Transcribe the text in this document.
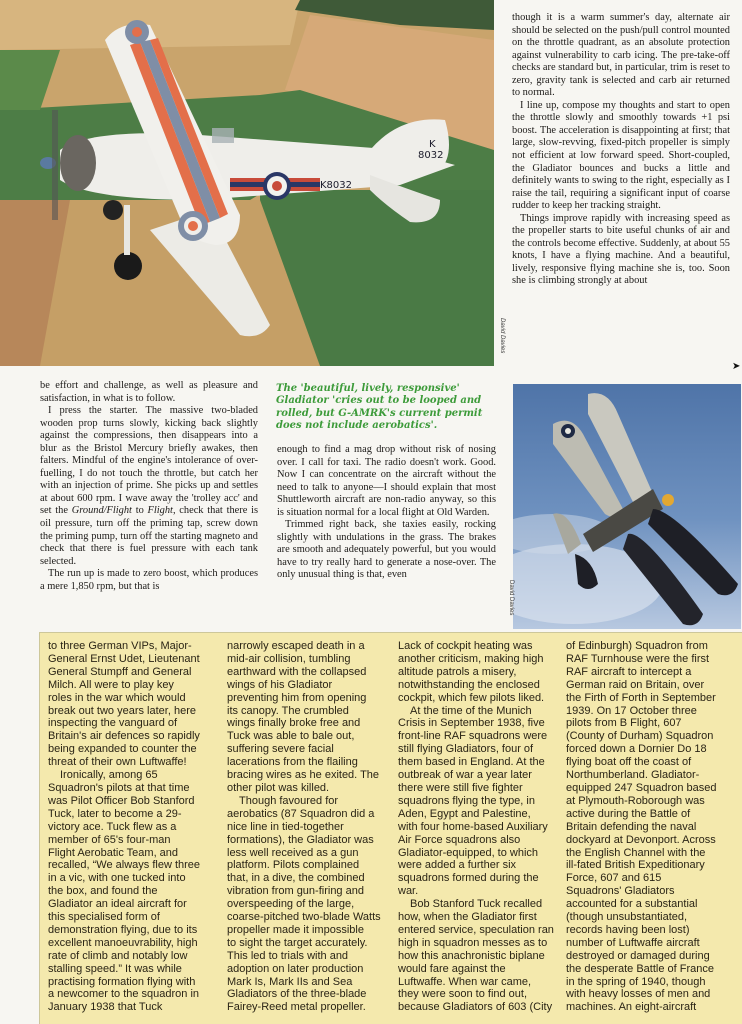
K8032
K
8032
David Davies
David Davies

though it is a warm summer's day, alternate air should be selected on the push/pull control mounted on the throttle quadrant, as an absolute protection against vulnerability to carb icing. The pre-take-off checks are standard but, in particular, trim is reset to zero, gravity tank is selected and carb air returned to normal.

I line up, compose my thoughts and start to open the throttle slowly and smoothly towards +1 psi boost. The acceleration is disappointing at first; that large, slow-revving, fixed-pitch propeller is simply not efficient at low forward speed. Short-coupled, the Gladiator bounces and bucks a little and definitely wants to swing to the right, especially as I raise the tail, requiring a significant input of coarse rudder to keep her tracking straight.

Things improve rapidly with increasing speed as the propeller starts to bite useful chunks of air and the controls become effective. Suddenly, at about 55 knots, I have a flying machine. And a beautiful, lively, responsive flying machine she is, too. Soon she is climbing strongly at about

➤

be effort and challenge, as well as pleasure and satisfaction, in what is to follow.

I press the starter. The massive two-bladed wooden prop turns slowly, kicking back slightly against the compressions, then disappears into a blur as the Bristol Mercury briefly awakes, then falters. Mindful of the engine's intolerance of over-fuelling, I do not touch the throttle, but catch her with an injection of prime. She picks up and settles at about 600 rpm. I wave away the 'trolley acc' and set the Ground/Flight to Flight, check that there is oil pressure, turn off the priming tap, screw down the priming pump, turn off the starting magneto and check that there is fuel pressure with each tank selected.

The run up is made to zero boost, which produces a mere 1,850 rpm, but that is

The 'beautiful, lively, responsive' Gladiator 'cries out to be looped and rolled, but G-AMRK's current permit does not include aerobatics'.

enough to find a mag drop without risk of nosing over. I call for taxi. The radio doesn't work. Good. Now I can concentrate on the aircraft without the need to talk to anyone—I should explain that most Shuttleworth aircraft are non-radio anyway, so this is situation normal for a local flight at Old Warden.

Trimmed right back, she taxies easily, rocking slightly with undulations in the grass. The brakes are smooth and adequately powerful, but you would have to try really hard to generate a nose-over. The only unusual thing is that, even

to three German VIPs, Major-
General Ernst Udet, Lieutenant
General Stumpff and General
Milch. All were to play key
roles in the war which would
break out two years later, here
inspecting the vanguard of
Britain's air defences so rapidly
being expanded to counter the
threat of their own Luftwaffe!
Ironically, among 65
Squadron's pilots at that time
was Pilot Officer Bob Stanford
Tuck, later to become a 29-
victory ace. Tuck flew as a
member of 65's four-man
Flight Aerobatic Team, and
recalled, “We always flew three
in a vic, with one tucked into
the box, and found the
Gladiator an ideal aircraft for
this specialised form of
demonstration flying, due to its
excellent manoeuvrability, high
rate of climb and notably low
stalling speed.” It was while
practising formation flying with
a newcomer to the squadron in
January 1938 that Tuck
narrowly escaped death in a
mid-air collision, tumbling
earthward with the collapsed
wings of his Gladiator
preventing him from opening
its canopy. The crumbled
wings finally broke free and
Tuck was able to bale out,
suffering severe facial
lacerations from the flailing
bracing wires as he exited. The
other pilot was killed.
Though favoured for
aerobatics (87 Squadron did a
nice line in tied-together
formations), the Gladiator was
less well received as a gun
platform. Pilots complained
that, in a dive, the combined
vibration from gun-firing and
overspeeding of the large,
coarse-pitched two-blade Watts
propeller made it impossible
to sight the target accurately.
This led to trials with and
adoption on later production
Mark Is, Mark IIs and Sea
Gladiators of the three-blade
Fairey-Reed metal propeller.
Lack of cockpit heating was
another criticism, making high
altitude patrols a misery,
notwithstanding the enclosed
cockpit, which few pilots liked.
At the time of the Munich
Crisis in September 1938, five
front-line RAF squadrons were
still flying Gladiators, four of
them based in England. At the
outbreak of war a year later
there were still five fighter
squadrons flying the type, in
Aden, Egypt and Palestine,
with four home-based Auxiliary
Air Force squadrons also
Gladiator-equipped, to which
were added a further six
squadrons formed during the
war.
Bob Stanford Tuck recalled
how, when the Gladiator first
entered service, speculation ran
high in squadron messes as to
how this anachronistic biplane
would fare against the
Luftwaffe. When war came,
they were soon to find out,
because Gladiators of 603 (City
of Edinburgh) Squadron from
RAF Turnhouse were the first
RAF aircraft to intercept a
German raid on Britain, over
the Firth of Forth in September
1939. On 17 October three
pilots from B Flight, 607
(County of Durham) Squadron
forced down a Dornier Do 18
flying boat off the coast of
Northumberland. Gladiator-
equipped 247 Squadron based
at Plymouth-Roborough was
active during the Battle of
Britain defending the naval
dockyard at Devonport. Across
the English Channel with the
ill-fated British Expeditionary
Force, 607 and 615
Squadrons' Gladiators
accounted for a substantial
(though unsubstantiated,
records having been lost)
number of Luftwaffe aircraft
destroyed or damaged during
the desperate Battle of France
in the spring of 1940, though
with heavy losses of men and
machines. An eight-aircraft
